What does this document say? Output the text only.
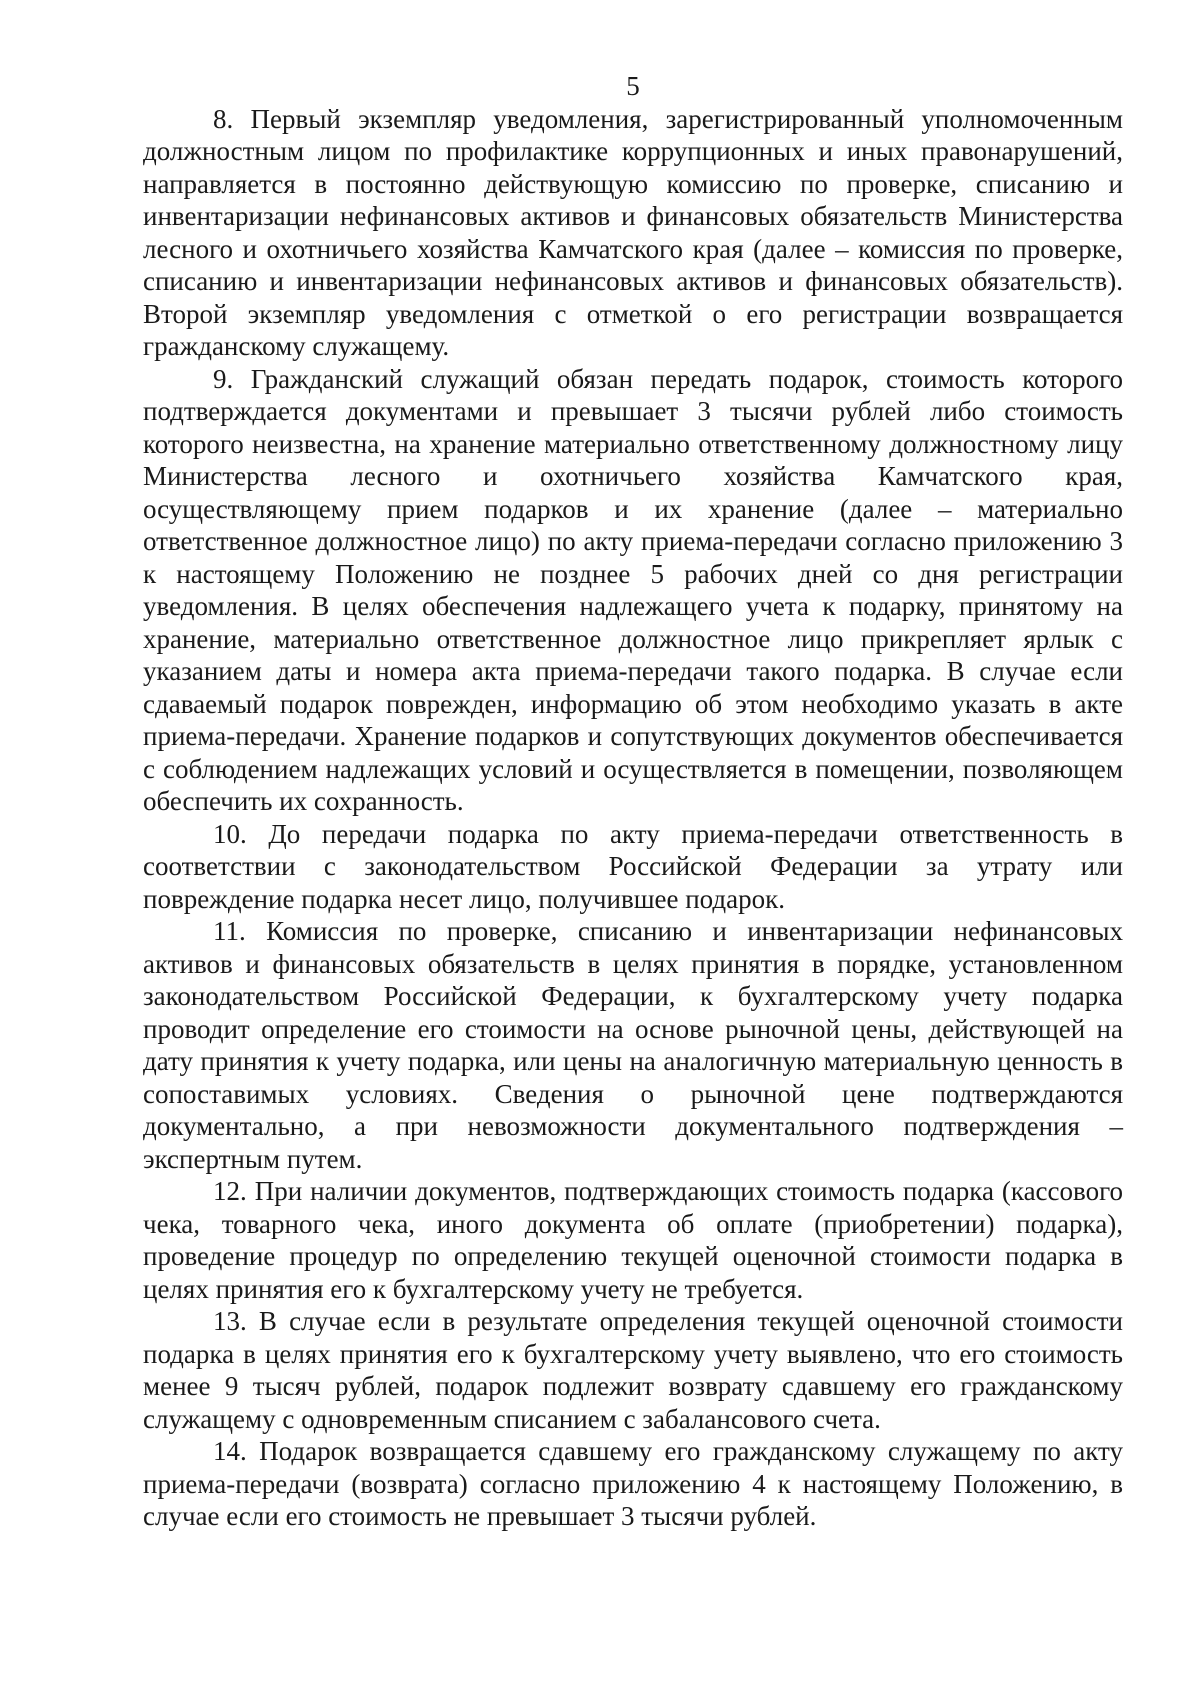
5

8. Первый экземпляр уведомления, зарегистрированный уполномоченным должностным лицом по профилактике коррупционных и иных правонарушений, направляется в постоянно действующую комиссию по проверке, списанию и инвентаризации нефинансовых активов и финансовых обязательств Министерства лесного и охотничьего хозяйства Камчатского края (далее – комиссия по проверке, списанию и инвентаризации нефинансовых активов и финансовых обязательств). Второй экземпляр уведомления с отметкой о его регистрации возвращается гражданскому служащему.

9. Гражданский служащий обязан передать подарок, стоимость которого подтверждается документами и превышает 3 тысячи рублей либо стоимость которого неизвестна, на хранение материально ответственному должностному лицу Министерства лесного и охотничьего хозяйства Камчатского края, осуществляющему прием подарков и их хранение (далее – материально ответственное должностное лицо) по акту приема-передачи согласно приложению 3 к настоящему Положению не позднее 5 рабочих дней со дня регистрации уведомления. В целях обеспечения надлежащего учета к подарку, принятому на хранение, материально ответственное должностное лицо прикрепляет ярлык с указанием даты и номера акта приема-передачи такого подарка. В случае если сдаваемый подарок поврежден, информацию об этом необходимо указать в акте приема-передачи. Хранение подарков и сопутствующих документов обеспечивается с соблюдением надлежащих условий и осуществляется в помещении, позволяющем обеспечить их сохранность.

10. До передачи подарка по акту приема-передачи ответственность в соответствии с законодательством Российской Федерации за утрату или повреждение подарка несет лицо, получившее подарок.

11. Комиссия по проверке, списанию и инвентаризации нефинансовых активов и финансовых обязательств в целях принятия в порядке, установленном законодательством Российской Федерации, к бухгалтерскому учету подарка проводит определение его стоимости на основе рыночной цены, действующей на дату принятия к учету подарка, или цены на аналогичную материальную ценность в сопоставимых условиях. Сведения о рыночной цене подтверждаются документально, а при невозможности документального подтверждения – экспертным путем.

12. При наличии документов, подтверждающих стоимость подарка (кассового чека, товарного чека, иного документа об оплате (приобретении) подарка), проведение процедур по определению текущей оценочной стоимости подарка в целях принятия его к бухгалтерскому учету не требуется.

13. В случае если в результате определения текущей оценочной стоимости подарка в целях принятия его к бухгалтерскому учету выявлено, что его стоимость менее 9 тысяч рублей, подарок подлежит возврату сдавшему его гражданскому служащему с одновременным списанием с забалансового счета.

14. Подарок возвращается сдавшему его гражданскому служащему по акту приема-передачи (возврата) согласно приложению 4 к настоящему Положению, в случае если его стоимость не превышает 3 тысячи рублей.
